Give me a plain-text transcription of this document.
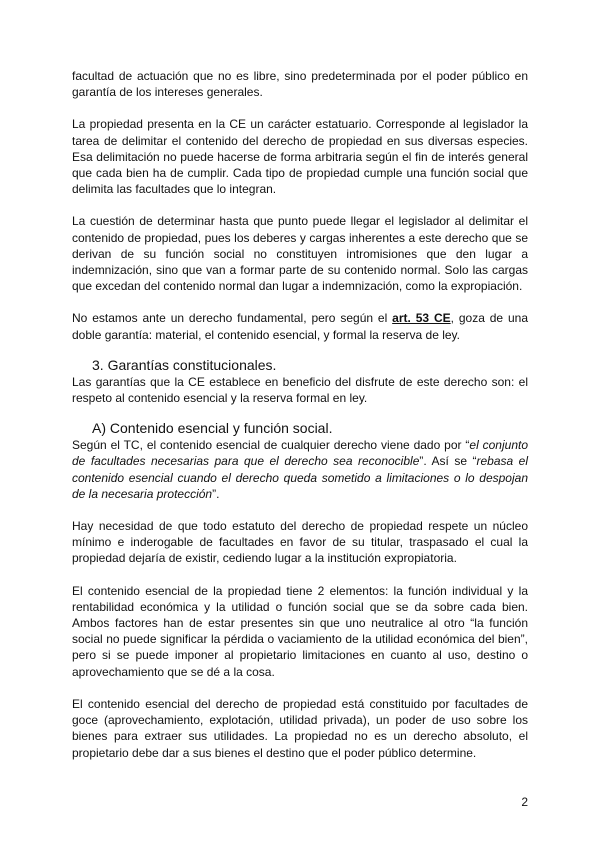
facultad de actuación que no es libre, sino predeterminada por el poder público en garantía de los intereses generales.

La propiedad presenta en la CE un carácter estatuario. Corresponde al legislador la tarea de delimitar el contenido del derecho de propiedad en sus diversas especies. Esa delimitación no puede hacerse de forma arbitraria según el fin de interés general que cada bien ha de cumplir. Cada tipo de propiedad cumple una función social que delimita las facultades que lo integran.

La cuestión de determinar hasta que punto puede llegar el legislador al delimitar el contenido de propiedad, pues los deberes y cargas inherentes a este derecho que se derivan de su función social no constituyen intromisiones que den lugar a indemnización, sino que van a formar parte de su contenido normal. Solo las cargas que excedan del contenido normal dan lugar a indemnización, como la expropiación.

No estamos ante un derecho fundamental, pero según el art. 53 CE, goza de una doble garantía: material, el contenido esencial, y formal la reserva de ley.

3. Garantías constitucionales.

Las garantías que la CE establece en beneficio del disfrute de este derecho son: el respeto al contenido esencial y la reserva formal en ley.

A) Contenido esencial y función social.

Según el TC, el contenido esencial de cualquier derecho viene dado por “el conjunto de facultades necesarias para que el derecho sea reconocible”. Así se “rebasa el contenido esencial cuando el derecho queda sometido a limitaciones o lo despojan de la necesaria protección”.

Hay necesidad de que todo estatuto del derecho de propiedad respete un núcleo mínimo e inderogable de facultades en favor de su titular, traspasado el cual la propiedad dejaría de existir, cediendo lugar a la institución expropiatoria.

El contenido esencial de la propiedad tiene 2 elementos: la función individual y la rentabilidad económica y la utilidad o función social que se da sobre cada bien. Ambos factores han de estar presentes sin que uno neutralice al otro “la función social no puede significar la pérdida o vaciamiento de la utilidad económica del bien”, pero si se puede imponer al propietario limitaciones en cuanto al uso, destino o aprovechamiento que se dé a la cosa.

El contenido esencial del derecho de propiedad está constituido por facultades de goce (aprovechamiento, explotación, utilidad privada), un poder de uso sobre los bienes para extraer sus utilidades. La propiedad no es un derecho absoluto, el propietario debe dar a sus bienes el destino que el poder público determine.

2
